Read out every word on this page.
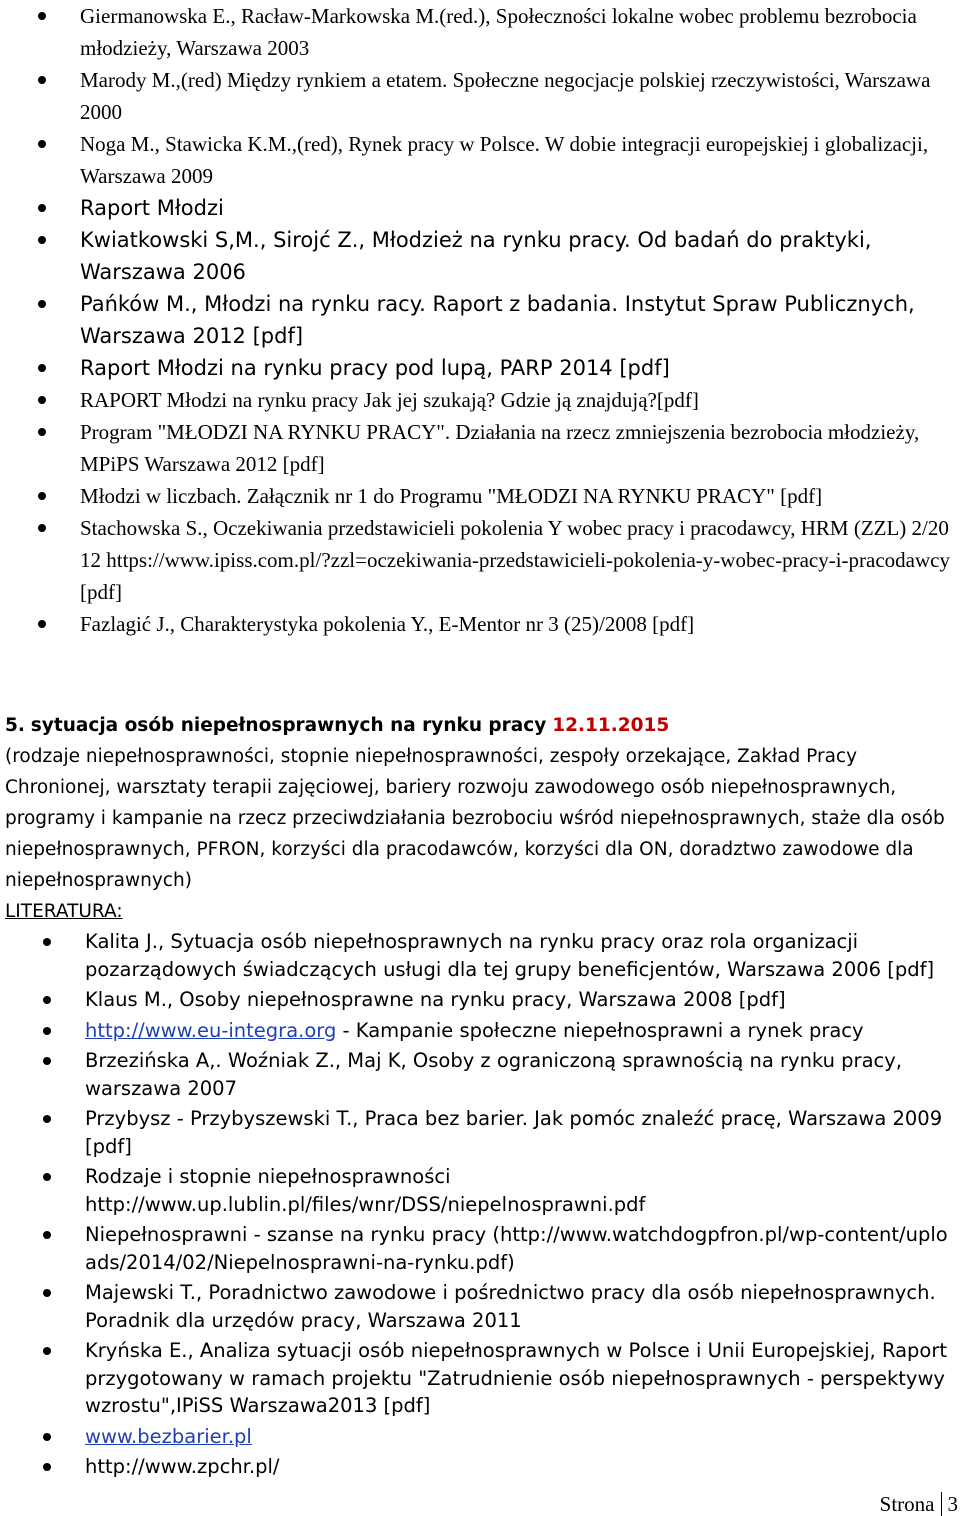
Giermanowska E., Racław-Markowska M.(red.), Społeczności lokalne wobec problemu bezrobocia młodzieży, Warszawa 2003
Marody M.,(red) Między rynkiem a etatem. Społeczne negocjacje polskiej rzeczywistości, Warszawa 2000
Noga M., Stawicka K.M.,(red), Rynek pracy w Polsce. W dobie integracji europejskiej i globalizacji, Warszawa 2009
Raport Młodzi
Kwiatkowski S,M., Sirojć Z., Młodzież na rynku pracy. Od badań do praktyki, Warszawa 2006
Pańków M., Młodzi na rynku racy. Raport z badania. Instytut Spraw Publicznych, Warszawa 2012 [pdf]
Raport Młodzi na rynku pracy pod lupą, PARP 2014 [pdf]
RAPORT Młodzi na rynku pracy Jak jej szukają? Gdzie ją znajdują?[pdf]
Program "MŁODZI NA RYNKU PRACY". Działania na rzecz zmniejszenia bezrobocia młodzieży, MPiPS Warszawa 2012 [pdf]
Młodzi w liczbach. Załącznik nr 1 do Programu "MŁODZI NA RYNKU PRACY" [pdf]
Stachowska S., Oczekiwania przedstawicieli pokolenia Y wobec pracy i pracodawcy, HRM (ZZL) 2/2012 https://www.ipiss.com.pl/?zzl=oczekiwania-przedstawicieli-pokolenia-y-wobec-pracy-i-pracodawcy [pdf]
Fazlagić J., Charakterystyka pokolenia Y., E-Mentor nr 3 (25)/2008 [pdf]
5. sytuacja osób niepełnosprawnych na rynku pracy 12.11.2015
(rodzaje niepełnosprawności, stopnie niepełnosprawności, zespoły orzekające, Zakład Pracy Chronionej, warsztaty terapii zajęciowej, bariery rozwoju zawodowego osób niepełnosprawnych, programy i kampanie na rzecz przeciwdziałania bezrobociu wśród niepełnosprawnych, staże dla osób niepełnosprawnych, PFRON, korzyści dla pracodawców, korzyści dla ON, doradztwo zawodowe dla niepełnosprawnych)
LITERATURA:
Kalita J., Sytuacja osób niepełnosprawnych na rynku pracy oraz rola organizacji pozarządowych świadczących usługi dla tej grupy beneficjentów, Warszawa 2006 [pdf]
Klaus M., Osoby niepełnosprawne na rynku pracy, Warszawa 2008 [pdf]
http://www.eu-integra.org - Kampanie społeczne niepełnosprawni a rynek pracy
Brzezińska A,. Woźniak Z., Maj K, Osoby z ograniczoną sprawnością na rynku pracy, warszawa 2007
Przybysz - Przybyszewski T., Praca bez barier. Jak pomóc znaleźć pracę, Warszawa 2009 [pdf]
Rodzaje i stopnie niepełnosprawności http://www.up.lublin.pl/files/wnr/DSS/niepelnosprawni.pdf
Niepełnosprawni - szanse na rynku pracy (http://www.watchdogpfron.pl/wp-content/uploads/2014/02/Niepelnosprawni-na-rynku.pdf)
Majewski T., Poradnictwo zawodowe i pośrednictwo pracy dla osób niepełnosprawnych. Poradnik dla urzędów pracy, Warszawa 2011
Kryńska E., Analiza sytuacji osób niepełnosprawnych w Polsce i Unii Europejskiej, Raport przygotowany w ramach projektu "Zatrudnienie osób niepełnosprawnych - perspektywy wzrostu",IPiSS Warszawa2013 [pdf]
www.bezbarier.pl
http://www.zpchr.pl/
Strona 3
